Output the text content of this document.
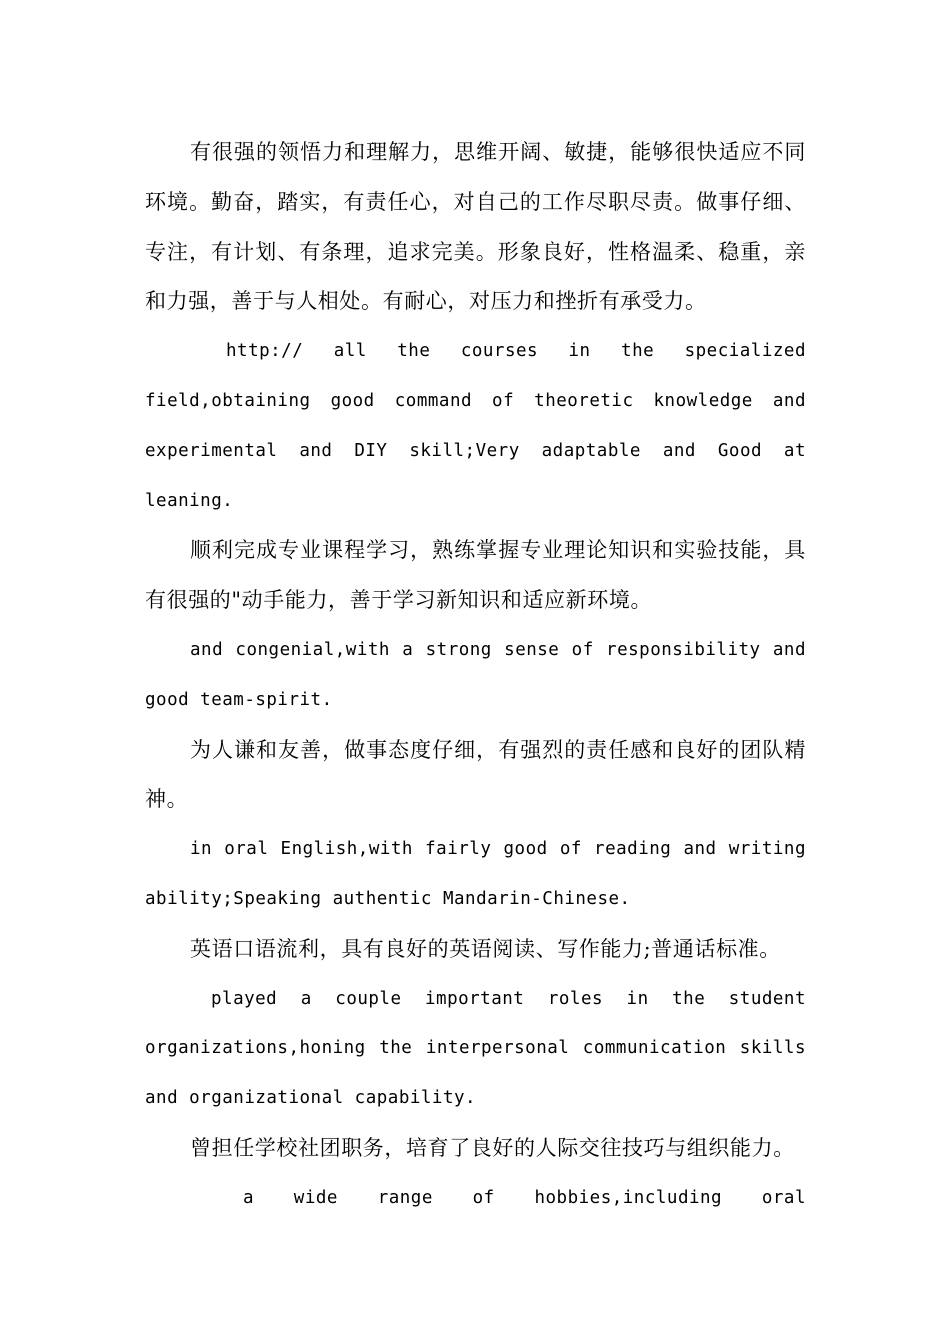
有很强的领悟力和理解力，思维开阔、敏捷，能够很快适应不同环境。勤奋，踏实，有责任心，对自己的工作尽职尽责。做事仔细、专注，有计划、有条理，追求完美。形象良好，性格温柔、稳重，亲和力强，善于与人相处。有耐心，对压力和挫折有承受力。

http:// all the courses in the specialized field,obtaining good command of theoretic knowledge and experimental and DIY skill;Very adaptable and Good at leaning.

顺利完成专业课程学习，熟练掌握专业理论知识和实验技能，具有很强的"动手能力，善于学习新知识和适应新环境。

and congenial,with a strong sense of responsibility and good team-spirit.

为人谦和友善，做事态度仔细，有强烈的责任感和良好的团队精神。

in oral English,with fairly good of reading and writing ability;Speaking authentic Mandarin-Chinese.

英语口语流利，具有良好的英语阅读、写作能力;普通话标准。

played a couple important roles in the student organizations,honing the interpersonal communication skills and organizational capability.

曾担任学校社团职务，培育了良好的人际交往技巧与组织能力。

a wide range of hobbies,including oral
